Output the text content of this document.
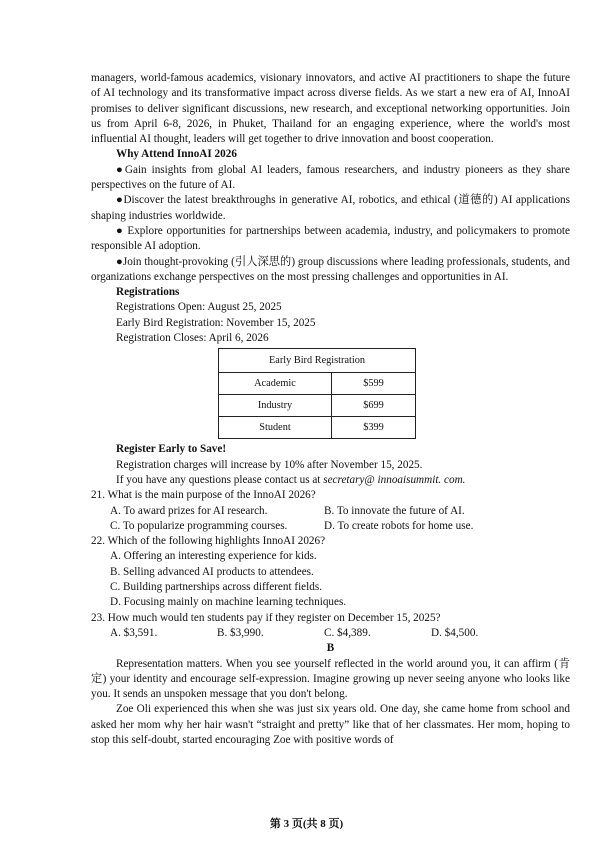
managers, world-famous academics, visionary innovators, and active AI practitioners to shape the future of AI technology and its transformative impact across diverse fields. As we start a new era of AI, InnoAI promises to deliver significant discussions, new research, and exceptional networking opportunities. Join us from April 6-8, 2026, in Phuket, Thailand for an engaging experience, where the world's most influential AI thought, leaders will get together to drive innovation and boost cooperation.

Why Attend InnoAI 2026

●Gain insights from global AI leaders, famous researchers, and industry pioneers as they share perspectives on the future of AI.

●Discover the latest breakthroughs in generative AI, robotics, and ethical (道德的) AI applications shaping industries worldwide.

● Explore opportunities for partnerships between academia, industry, and policymakers to promote responsible AI adoption.

●Join thought-provoking (引人深思的) group discussions where leading professionals, students, and organizations exchange perspectives on the most pressing challenges and opportunities in AI.

Registrations

Registrations Open: August 25, 2025

Early Bird Registration: November 15, 2025

Registration Closes: April 6, 2026

Early Bird Registration	
Academic	$599
Industry	$699
Student	$399

Register Early to Save!

Registration charges will increase by 10% after November 15, 2025.

If you have any questions please contact us at secretary@ innoaisummit. com.

21. What is the main purpose of the InnoAI 2026?

A. To award prizes for AI research.	B. To innovate the future of AI.
C. To popularize programming courses.	D. To create robots for home use.

22. Which of the following highlights InnoAI 2026?

A. Offering an interesting experience for kids.

B. Selling advanced AI products to attendees.

C. Building partnerships across different fields.

D. Focusing mainly on machine learning techniques.

23. How much would ten students pay if they register on December 15, 2025?

A. $3,591.	B. $3,990.	C. $4,389.	D. $4,500.

B

Representation matters. When you see yourself reflected in the world around you, it can affirm (肯定) your identity and encourage self-expression. Imagine growing up never seeing anyone who looks like you. It sends an unspoken message that you don't belong.

Zoe Oli experienced this when she was just six years old. One day, she came home from school and asked her mom why her hair wasn't “straight and pretty” like that of her classmates. Her mom, hoping to stop this self-doubt, started encouraging Zoe with positive words of

第 3 页(共 8 页)
